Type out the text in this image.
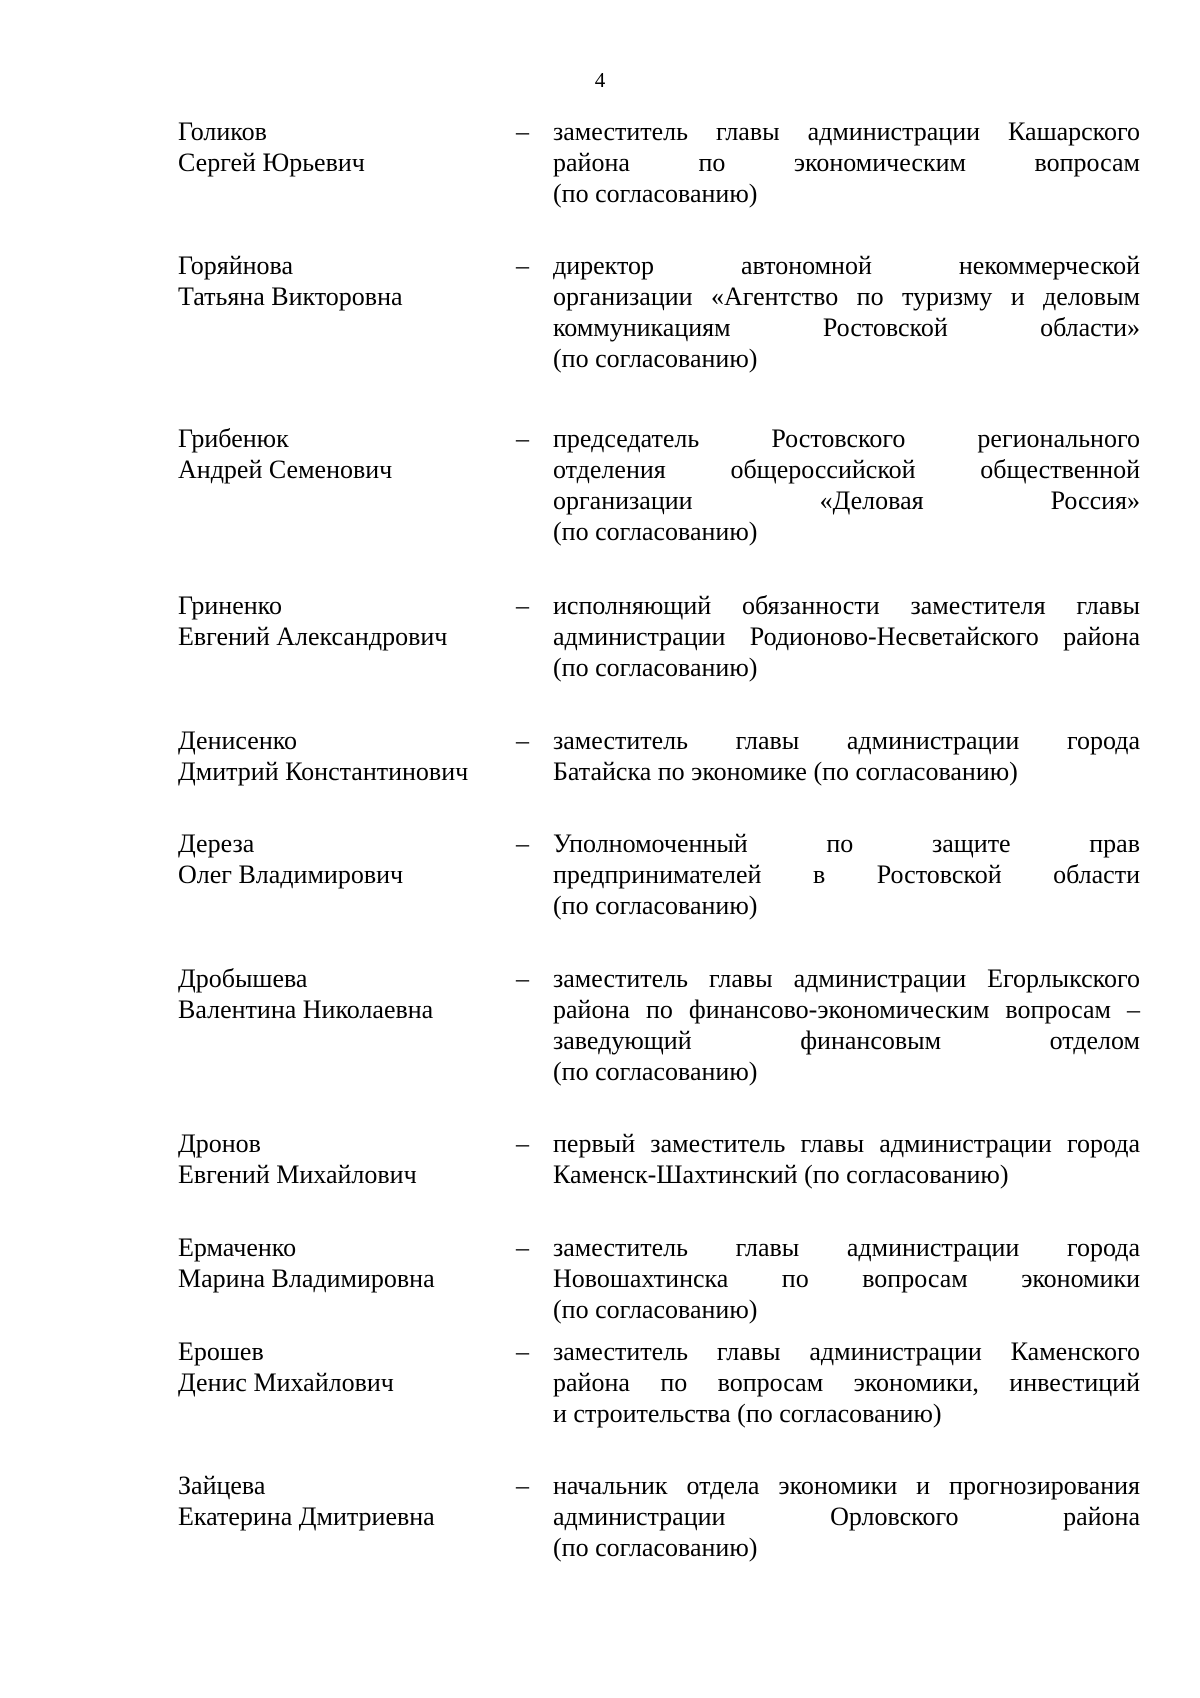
4
Голиков
Сергей Юрьевич
– заместитель главы администрации Кашарского
района по экономическим вопросам
(по согласованию)
Горяйнова
Татьяна Викторовна
– директор автономной некоммерческой
организации «Агентство по туризму и деловым
коммуникациям Ростовской области»
(по согласованию)
Грибенюк
Андрей Семенович
– председатель Ростовского регионального
отделения общероссийской общественной
организации «Деловая Россия»
(по согласованию)
Гриненко
Евгений Александрович
– исполняющий обязанности заместителя главы
администрации Родионово-Несветайского района
(по согласованию)
Денисенко
Дмитрий Константинович
– заместитель главы администрации города
Батайска по экономике (по согласованию)
Дереза
Олег Владимирович
– Уполномоченный по защите прав
предпринимателей в Ростовской области
(по согласованию)
Дробышева
Валентина Николаевна
– заместитель главы администрации Егорлыкского
района по финансово-экономическим вопросам –
заведующий финансовым отделом
(по согласованию)
Дронов
Евгений Михайлович
– первый заместитель главы администрации города
Каменск-Шахтинский (по согласованию)
Ермаченко
Марина Владимировна
– заместитель главы администрации города
Новошахтинска по вопросам экономики
(по согласованию)
Ерошев
Денис Михайлович
– заместитель главы администрации Каменского
района по вопросам экономики, инвестиций
и строительства (по согласованию)
Зайцева
Екатерина Дмитриевна
– начальник отдела экономики и прогнозирования
администрации Орловского района
(по согласованию)
